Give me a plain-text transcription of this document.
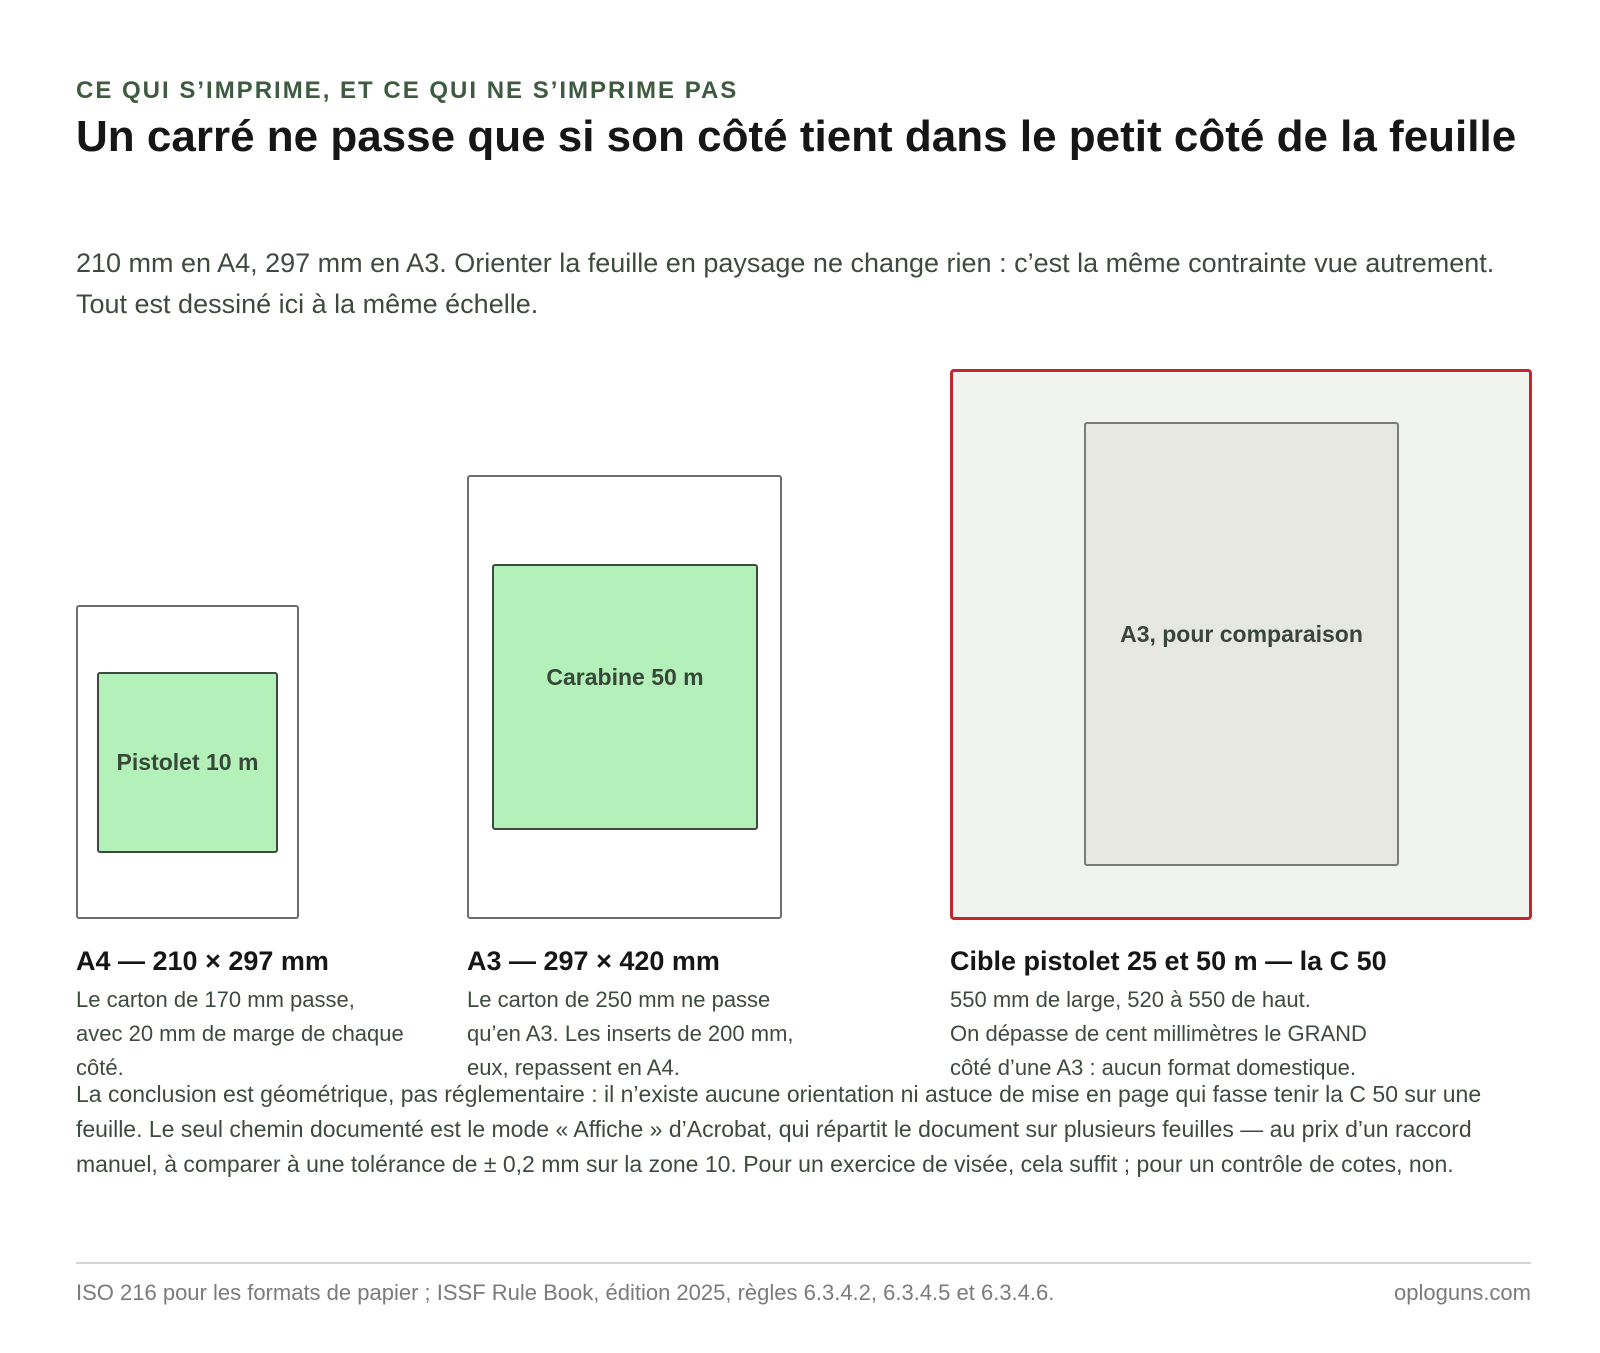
CE QUI S’IMPRIME, ET CE QUI NE S’IMPRIME PAS
Un carré ne passe que si son côté tient dans le petit côté de la feuille
210 mm en A4, 297 mm en A3. Orienter la feuille en paysage ne change rien : c’est la même contrainte vue autrement. Tout est dessiné ici à la même échelle.
Pistolet 10 m
Carabine 50 m
A3, pour comparaison
A4 — 210 × 297 mm
Le carton de 170 mm passe,
avec 20 mm de marge de chaque
côté.
A3 — 297 × 420 mm
Le carton de 250 mm ne passe
qu’en A3. Les inserts de 200 mm,
eux, repassent en A4.
Cible pistolet 25 et 50 m — la C 50
550 mm de large, 520 à 550 de haut.
On dépasse de cent millimètres le GRAND
côté d’une A3 : aucun format domestique.
La conclusion est géométrique, pas réglementaire : il n’existe aucune orientation ni astuce de mise en page qui fasse tenir la C 50 sur une feuille. Le seul chemin documenté est le mode « Affiche » d’Acrobat, qui répartit le document sur plusieurs feuilles — au prix d’un raccord manuel, à comparer à une tolérance de ± 0,2 mm sur la zone 10. Pour un exercice de visée, cela suffit ; pour un contrôle de cotes, non.
ISO 216 pour les formats de papier ; ISSF Rule Book, édition 2025, règles 6.3.4.2, 6.3.4.5 et 6.3.4.6.	oploguns.com
